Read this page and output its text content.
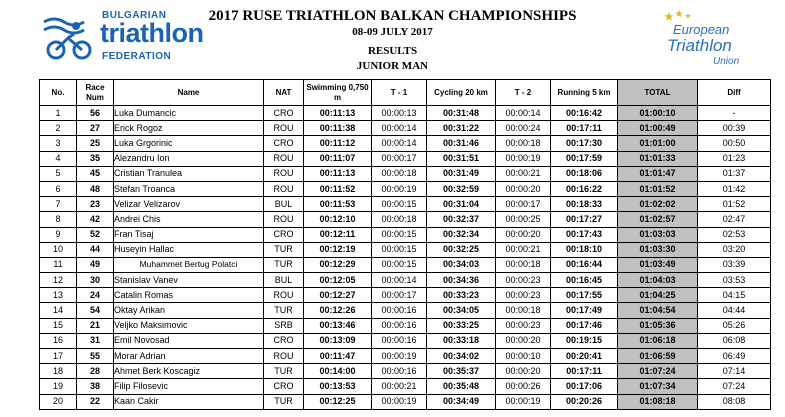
BULGARIAN
triathlon
FEDERATION
2017 RUSE TRIATHLON BALKAN CHAMPIONSHIPS
08-09 JULY 2017
RESULTS
JUNIOR MAN
European
Triathlon
Union
No.	Race Num	Name	NAT	Swimming 0,750 m	T - 1	Cycling 20 km	T - 2	Running 5 km	TOTAL	Diff
1	56	Luka Dumancic	CRO	00:11:13	00:00:13	00:31:48	00:00:14	00:16:42	01:00:10	-
2	27	Erick Rogoz	ROU	00:11:38	00:00:14	00:31:22	00:00:24	00:17:11	01:00:49	00:39
3	25	Luka Grgorinic	CRO	00:11:12	00:00:14	00:31:46	00:00:18	00:17:30	01:01:00	00:50
4	35	Alezandru Ion	ROU	00:11:07	00:00:17	00:31:51	00:00:19	00:17:59	01:01:33	01:23
5	45	Cristian Tranulea	ROU	00:11:13	00:00:18	00:31:49	00:00:21	00:18:06	01:01:47	01:37
6	48	Stefan Troanca	ROU	00:11:52	00:00:19	00:32:59	00:00:20	00:16:22	01:01:52	01:42
7	23	Velizar Velizarov	BUL	00:11:53	00:00:15	00:31:04	00:00:17	00:18:33	01:02:02	01:52
8	42	Andrei Chis	ROU	00:12:10	00:00:18	00:32:37	00:00:25	00:17:27	01:02:57	02:47
9	52	Fran Tisaj	CRO	00:12:11	00:00:15	00:32:34	00:00:20	00:17:43	01:03:03	02:53
10	44	Huseyin Hallac	TUR	00:12:19	00:00:15	00:32:25	00:00:21	00:18:10	01:03:30	03:20
11	49	Muhammet Bertug Polatci	TUR	00:12:29	00:00:15	00:34:03	00:00:18	00:16:44	01:03:49	03:39
12	30	Stanislav Vanev	BUL	00:12:05	00:00:14	00:34:36	00:00:23	00:16:45	01:04:03	03:53
13	24	Catalin Romas	ROU	00:12:27	00:00:17	00:33:23	00:00:23	00:17:55	01:04:25	04:15
14	54	Oktay Arikan	TUR	00:12:26	00:00:16	00:34:05	00:00:18	00:17:49	01:04:54	04:44
15	21	Veljko Maksimovic	SRB	00:13:46	00:00:16	00:33:25	00:00:23	00:17:46	01:05:36	05:26
16	31	Emil Novosad	CRO	00:13:09	00:00:16	00:33:18	00:00:20	00:19:15	01:06:18	06:08
17	55	Morar Adrian	ROU	00:11:47	00:00:19	00:34:02	00:00:10	00:20:41	01:06:59	06:49
18	28	Ahmet Berk Koscagiz	TUR	00:14:00	00:00:16	00:35:37	00:00:20	00:17:11	01:07:24	07:14
19	38	Filip Filosevic	CRO	00:13:53	00:00:21	00:35:48	00:00:26	00:17:06	01:07:34	07:24
20	22	Kaan Cakir	TUR	00:12:25	00:00:19	00:34:49	00:00:19	00:20:26	01:08:18	08:08
